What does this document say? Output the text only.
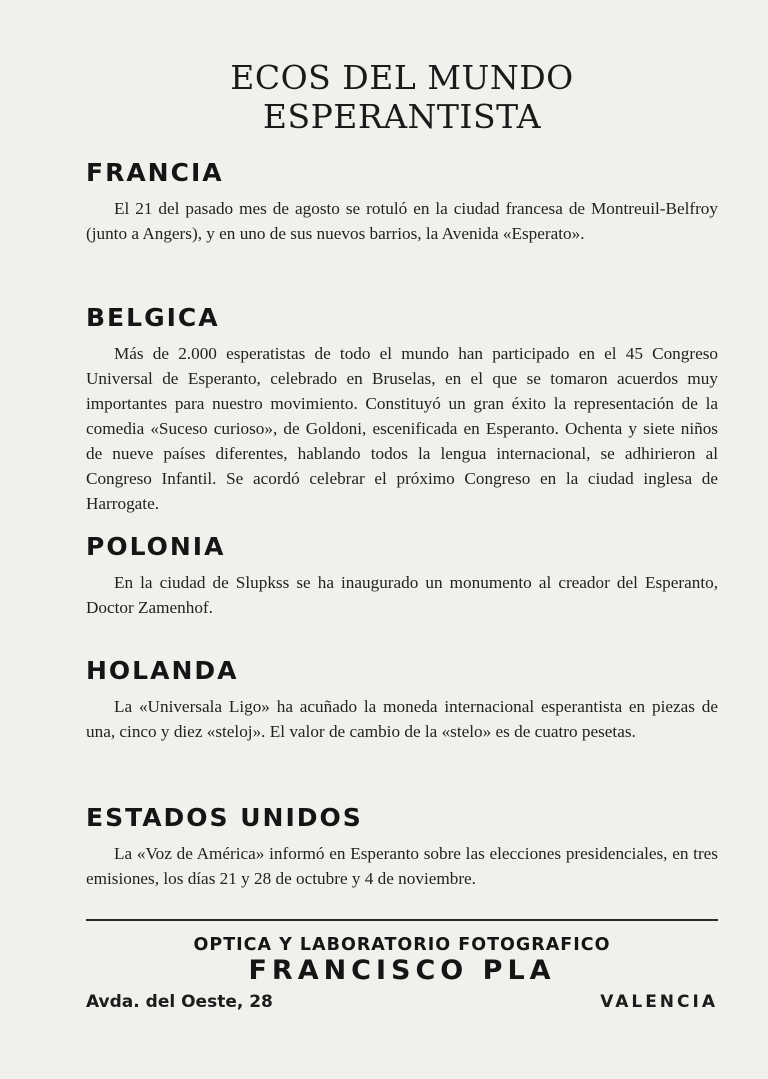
ECOS DEL MUNDO ESPERANTISTA
FRANCIA

El 21 del pasado mes de agosto se rotuló en la ciudad francesa de Montreuil-Belfroy (junto a Angers), y en uno de sus nuevos barrios, la Avenida «Esperato».

BELGICA

Más de 2.000 esperatistas de todo el mundo han participado en el 45 Congreso Universal de Esperanto, celebrado en Bruselas, en el que se tomaron acuerdos muy importantes para nuestro movimiento. Constituyó un gran éxito la representación de la comedia «Suceso curioso», de Goldoni, escenificada en Esperanto. Ochenta y siete niños de nueve países diferentes, hablando todos la lengua internacional, se adhirieron al Congreso Infantil. Se acordó celebrar el próximo Congreso en la ciudad inglesa de Harrogate.

POLONIA

En la ciudad de Slupkss se ha inaugurado un monumento al creador del Esperanto, Doctor Zamenhof.

HOLANDA

La «Universala Ligo» ha acuñado la moneda internacional esperantista en piezas de una, cinco y diez «steloj». El valor de cambio de la «stelo» es de cuatro pesetas.

ESTADOS UNIDOS

La «Voz de América» informó en Esperanto sobre las elecciones presidenciales, en tres emisiones, los días 21 y 28 de octubre y 4 de noviembre.

OPTICA Y LABORATORIO FOTOGRAFICO

FRANCISCO PLA

Avda. del Oeste, 28	VALENCIA
